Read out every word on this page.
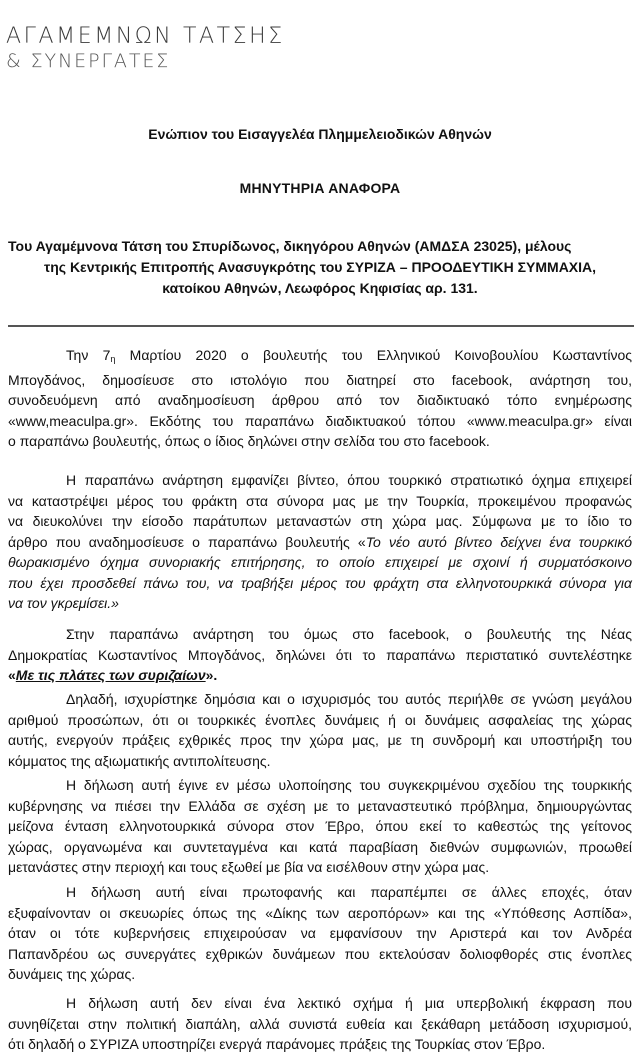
ΑΓΑΜΕΜΝΩΝ ΤΑΤΣΗΣ
& ΣΥΝΕΡΓΑΤΕΣ
Ενώπιον του Εισαγγελέα Πλημμελειοδικών Αθηνών
ΜΗΝΥΤΗΡΙΑ ΑΝΑΦΟΡΑ
Του Αγαμέμνονα Τάτση του Σπυρίδωνος, δικηγόρου Αθηνών (ΑΜΔΣΑ 23025), μέλους
της Κεντρικής Επιτροπής Ανασυγκρότης του ΣΥΡΙΖΑ – ΠΡΟΟΔΕΥΤΙΚΗ ΣΥΜΜΑΧΙΑ,
κατοίκου Αθηνών, Λεωφόρος Κηφισίας αρ. 131.
Την $7_\eta$ Μαρτίου 2020 ο βουλευτής του Ελληνικού Κοινοβουλίου Κωσταντίνος
Μπογδάνος, δημοσίευσε στο ιστολόγιο που διατηρεί στο facebook, ανάρτηση του,
συνοδευόμενη από αναδημοσίευση άρθρου από τον διαδικτυακό τόπο ενημέρωσης
«www,meaculpa.gr». Εκδότης του παραπάνω διαδικτυακού τόπου «www.meaculpa.gr» είναι
ο παραπάνω βουλευτής, όπως ο ίδιος δηλώνει στην σελίδα του στο facebook.
Η παραπάνω ανάρτηση εμφανίζει βίντεο, όπου τουρκικό στρατιωτικό όχημα επιχειρεί
να καταστρέψει μέρος του φράκτη στα σύνορα μας με την Τουρκία, προκειμένου προφανώς
να διευκολύνει την είσοδο παράτυπων μεταναστών στη χώρα μας. Σύμφωνα με το ίδιο το
άρθρο που αναδημοσίευσε ο παραπάνω βουλευτής «Το νέο αυτό βίντεο δείχνει ένα τουρκικό
θωρακισμένο όχημα συνοριακής επιτήρησης, το οποίο επιχειρεί με σχοινί ή συρματόσκοινο
που έχει προσδεθεί πάνω του, να τραβήξει μέρος του φράχτη στα ελληνοτουρκικά σύνορα για
να τον γκρεμίσει.»
Στην παραπάνω ανάρτηση του όμως στο facebook, ο βουλευτής της Νέας
Δημοκρατίας Κωσταντίνος Μπογδάνος, δηλώνει ότι το παραπάνω περιστατικό συντελέστηκε
«Με τις πλάτες των συριζαίων».
Δηλαδή, ισχυρίστηκε δημόσια και ο ισχυρισμός του αυτός περιήλθε σε γνώση μεγάλου
αριθμού προσώπων, ότι οι τουρκικές ένοπλες δυνάμεις ή οι δυνάμεις ασφαλείας της χώρας
αυτής, ενεργούν πράξεις εχθρικές προς την χώρα μας, με τη συνδρομή και υποστήριξη του
κόμματος της αξιωματικής αντιπολίτευσης.
Η δήλωση αυτή έγινε εν μέσω υλοποίησης του συγκεκριμένου σχεδίου της τουρκικής
κυβέρνησης να πιέσει την Ελλάδα σε σχέση με το μεταναστευτικό πρόβλημα, δημιουργώντας
μείζονα ένταση ελληνοτουρκικά σύνορα στον Έβρο, όπου εκεί το καθεστώς της γείτονος
χώρας, οργανωμένα και συντεταγμένα και κατά παραβίαση διεθνών συμφωνιών, προωθεί
μετανάστες στην περιοχή και τους εξωθεί με βία να εισέλθουν στην χώρα μας.
Η δήλωση αυτή είναι πρωτοφανής και παραπέμπει σε άλλες εποχές, όταν
εξυφαίνονταν οι σκευωρίες όπως της «Δίκης των αεροπόρων» και της «Υπόθεσης Ασπίδα»,
όταν οι τότε κυβερνήσεις επιχειρούσαν να εμφανίσουν την Αριστερά και τον Ανδρέα
Παπανδρέου ως συνεργάτες εχθρικών δυνάμεων που εκτελούσαν δολιοφθορές στις ένοπλες
δυνάμεις της χώρας.
Η δήλωση αυτή δεν είναι ένα λεκτικό σχήμα ή μια υπερβολική έκφραση που
συνηθίζεται στην πολιτική διαπάλη, αλλά συνιστά ευθεία και ξεκάθαρη μετάδοση ισχυρισμού,
ότι δηλαδή ο ΣΥΡΙΖΑ υποστηρίζει ενεργά παράνομες πράξεις της Τουρκίας στον Έβρο.
